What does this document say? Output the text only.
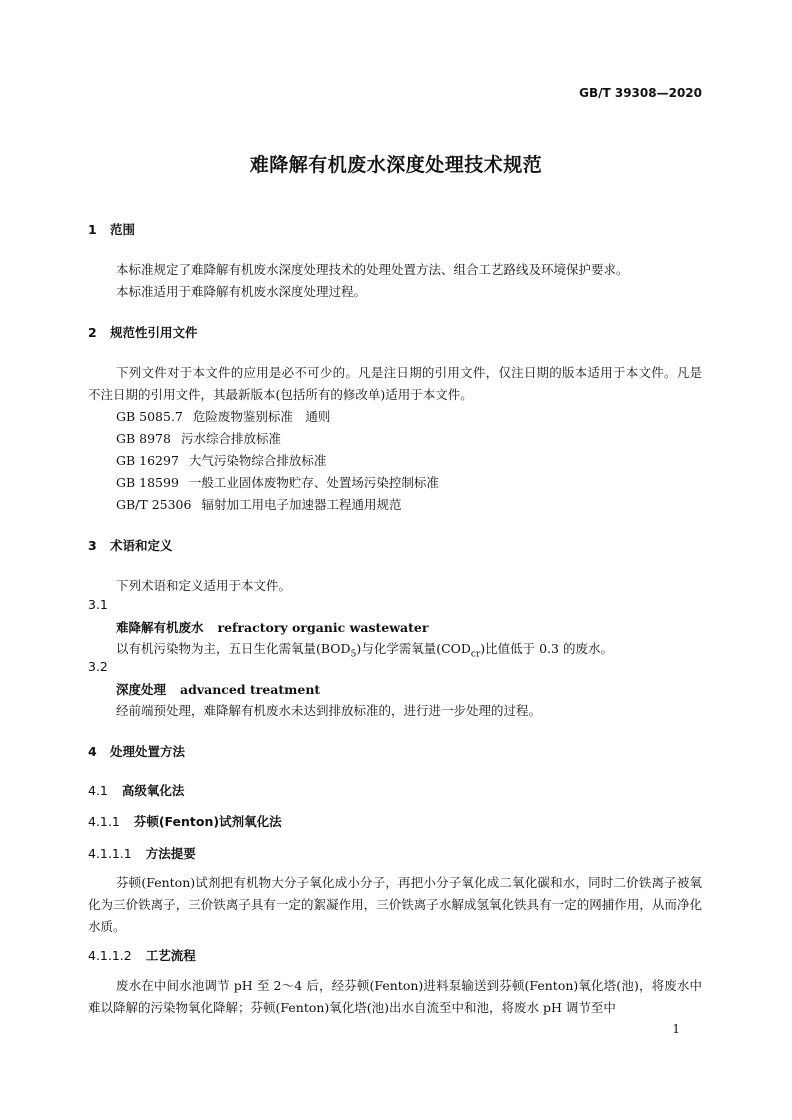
GB/T 39308—2020
难降解有机废水深度处理技术规范
1 范围
本标准规定了难降解有机废水深度处理技术的处理处置方法、组合工艺路线及环境保护要求。
本标准适用于难降解有机废水深度处理过程。
2 规范性引用文件
下列文件对于本文件的应用是必不可少的。凡是注日期的引用文件，仅注日期的版本适用于本文件。凡是不注日期的引用文件，其最新版本(包括所有的修改单)适用于本文件。
GB 5085.7 危险废物鉴别标准　通则
GB 8978 污水综合排放标准
GB 16297 大气污染物综合排放标准
GB 18599 一般工业固体废物贮存、处置场污染控制标准
GB/T 25306 辐射加工用电子加速器工程通用规范
3 术语和定义
下列术语和定义适用于本文件。
3.1
难降解有机废水 refractory organic wastewater
以有机污染物为主，五日生化需氧量$(BOD_5)$与化学需氧量$(COD_{cr})$比值低于 0.3 的废水。
3.2
深度处理 advanced treatment
经前端预处理，难降解有机废水未达到排放标准的，进行进一步处理的过程。
4 处理处置方法
4.1 高级氧化法
4.1.1 芬顿(Fenton)试剂氧化法
4.1.1.1 方法提要
芬顿(Fenton)试剂把有机物大分子氧化成小分子，再把小分子氧化成二氧化碳和水，同时二价铁离子被氧化为三价铁离子，三价铁离子具有一定的絮凝作用，三价铁离子水解成氢氧化铁具有一定的网捕作用，从而净化水质。
4.1.1.2 工艺流程
废水在中间水池调节 pH 至 2～4 后，经芬顿(Fenton)进料泵输送到芬顿(Fenton)氧化塔(池)，将废水中难以降解的污染物氧化降解；芬顿(Fenton)氧化塔(池)出水自流至中和池，将废水 pH 调节至中
1
